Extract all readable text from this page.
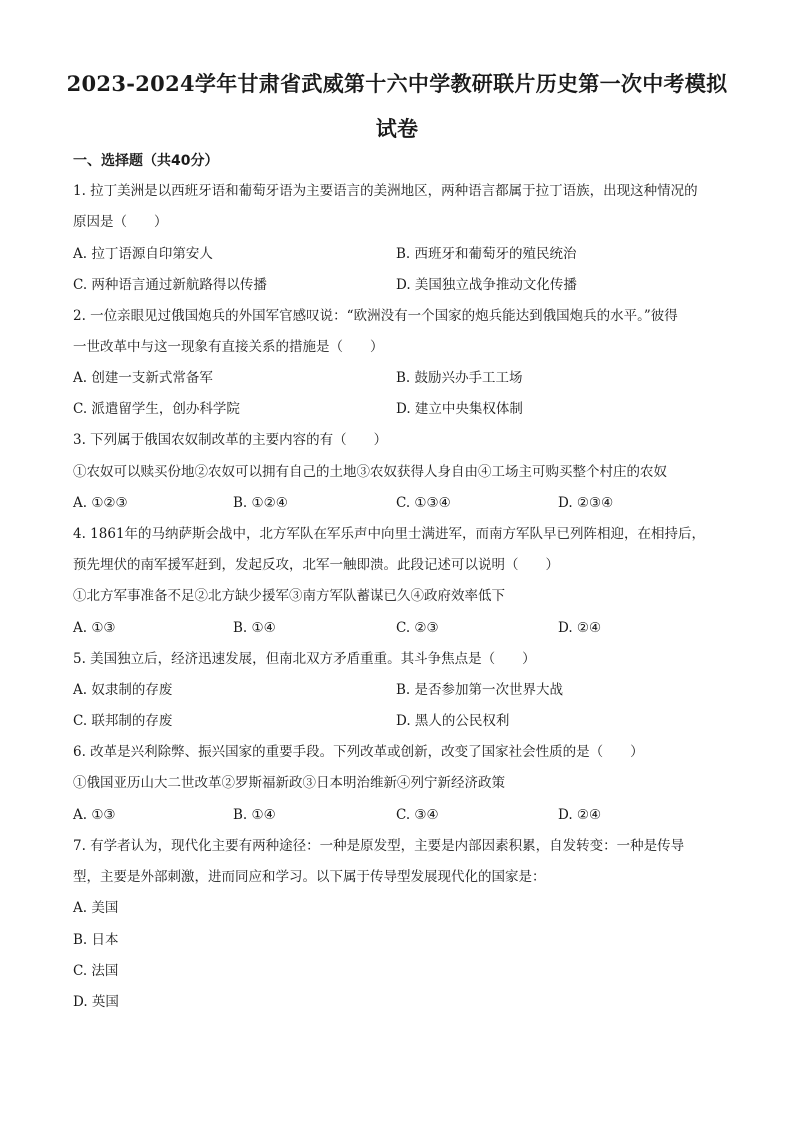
2023-2024学年甘肃省武威第十六中学教研联片历史第一次中考模拟
试卷
一、选择题（共40分）
1. 拉丁美洲是以西班牙语和葡萄牙语为主要语言的美洲地区，两种语言都属于拉丁语族，出现这种情况的
原因是（　　）
A. 拉丁语源自印第安人	B. 西班牙和葡萄牙的殖民统治
C. 两种语言通过新航路得以传播	D. 美国独立战争推动文化传播
2. 一位亲眼见过俄国炮兵的外国军官感叹说：“欧洲没有一个国家的炮兵能达到俄国炮兵的水平。”彼得
一世改革中与这一现象有直接关系的措施是（　　）
A. 创建一支新式常备军	B. 鼓励兴办手工工场
C. 派遣留学生，创办科学院	D. 建立中央集权体制
3. 下列属于俄国农奴制改革的主要内容的有（　　）
①农奴可以赎买份地②农奴可以拥有自己的土地③农奴获得人身自由④工场主可购买整个村庄的农奴
A. ①②③	B. ①②④	C. ①③④	D. ②③④
4. 1861年的马纳萨斯会战中，北方军队在军乐声中向里士满进军，而南方军队早已列阵相迎，在相持后，
预先埋伏的南军援军赶到，发起反攻，北军一触即溃。此段记述可以说明（　　）
①北方军事准备不足②北方缺少援军③南方军队蓄谋已久④政府效率低下
A. ①③	B. ①④	C. ②③	D. ②④
5. 美国独立后，经济迅速发展，但南北双方矛盾重重。其斗争焦点是（　　）
A. 奴隶制的存废	B. 是否参加第一次世界大战
C. 联邦制的存废	D. 黑人的公民权利
6. 改革是兴利除弊、振兴国家的重要手段。下列改革或创新，改变了国家社会性质的是（　　）
①俄国亚历山大二世改革②罗斯福新政③日本明治维新④列宁新经济政策
A. ①③	B. ①④	C. ③④	D. ②④
7. 有学者认为，现代化主要有两种途径：一种是原发型，主要是内部因素积累，自发转变：一种是传导
型，主要是外部刺激，进而同应和学习。以下属于传导型发展现代化的国家是：
A. 美国
B. 日本
C. 法国
D. 英国
